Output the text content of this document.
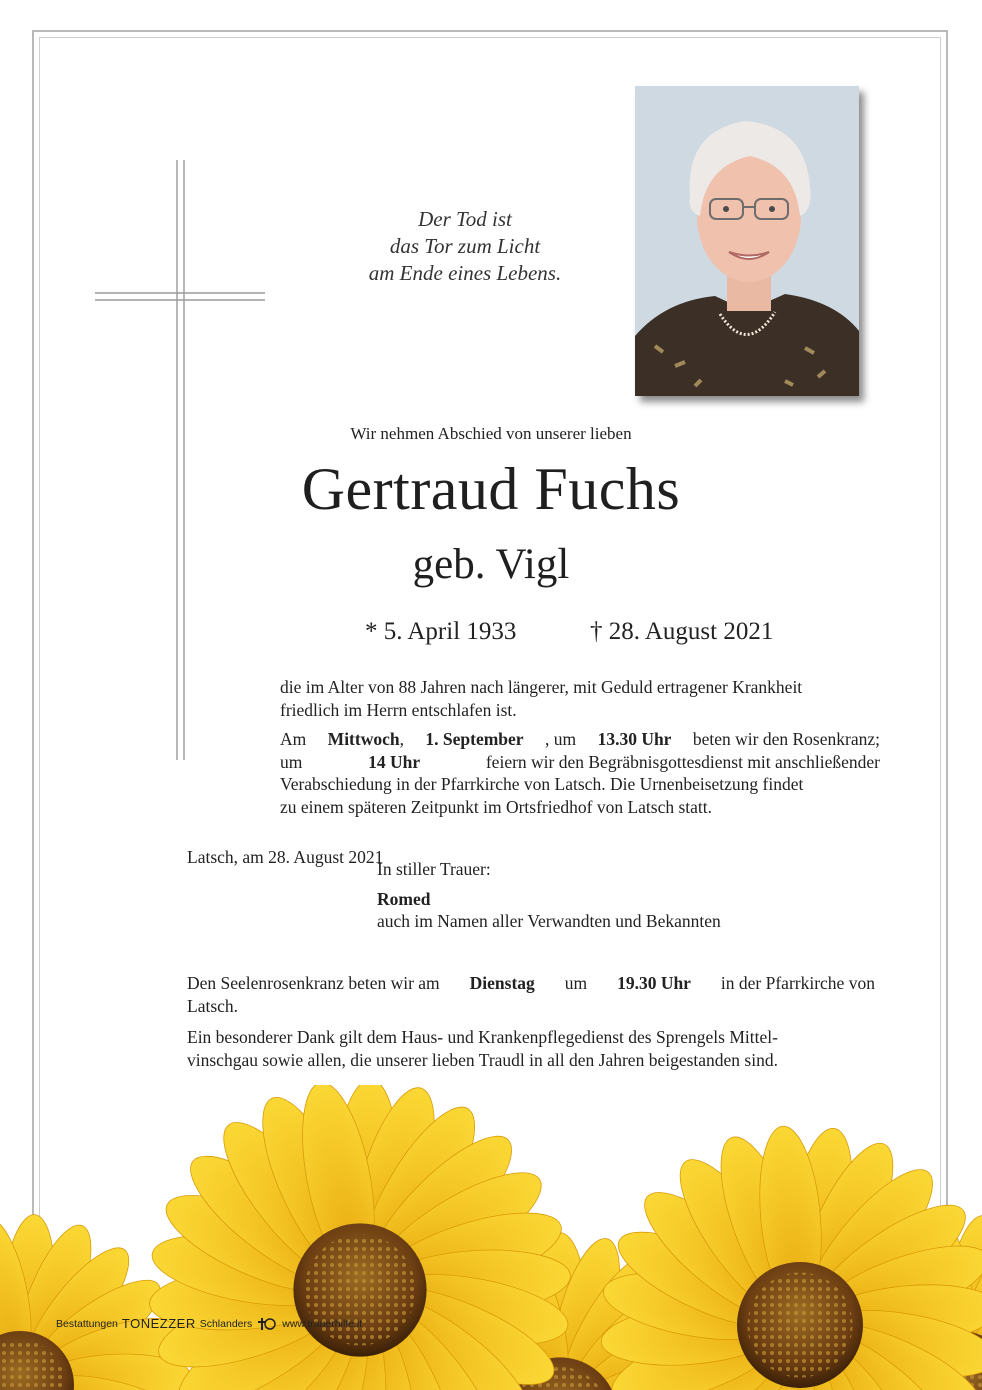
Der Tod ist
das Tor zum Licht
am Ende eines Lebens.
Wir nehmen Abschied von unserer lieben
Gertraud Fuchs
geb. Vigl
* 5. April 1933	† 28. August 2021
die im Alter von 88 Jahren nach längerer, mit Geduld ertragener Krankheit
friedlich im Herrn entschlafen ist.
Am Mittwoch, 1. September , um 13.30 Uhr beten wir den Rosenkranz;
um	14 Uhr	feiern wir den Begräbnisgottesdienst mit anschließender
Verabschiedung in der Pfarrkirche von Latsch. Die Urnenbeisetzung findet
zu einem späteren Zeitpunkt im Ortsfriedhof von Latsch statt.
Latsch, am 28. August 2021
In stiller Trauer:
Romed
auch im Namen aller Verwandten und Bekannten
Den Seelenrosenkranz beten wir am Dienstag um 19.30 Uhr in der Pfarrkirche von
Latsch.
Ein besonderer Dank gilt dem Haus- und Krankenpflegedienst des Sprengels Mittel-
vinschgau sowie allen, die unserer lieben Traudl in all den Jahren beigestanden sind.
Bestattungen TONEZZER Schlanders	www.trauerhilfe.it
